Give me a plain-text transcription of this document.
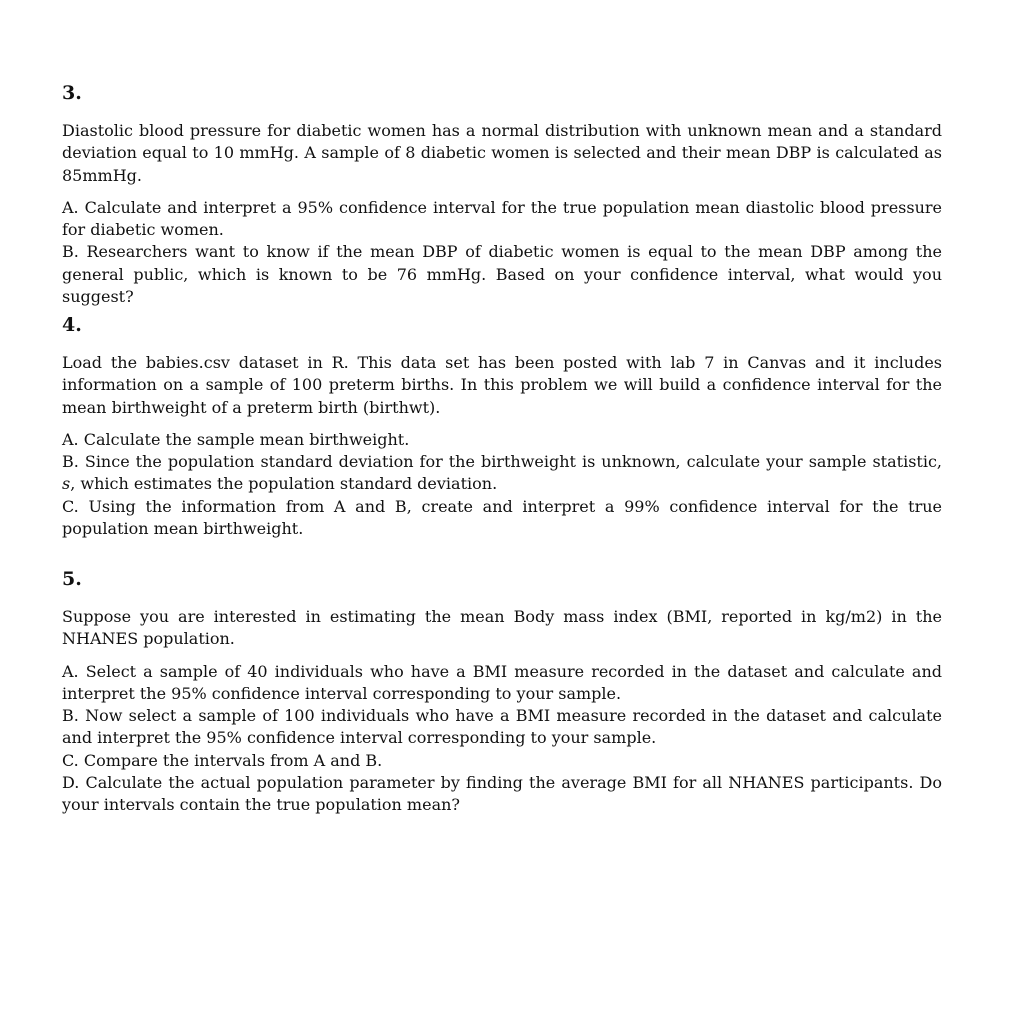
3.

Diastolic blood pressure for diabetic women has a normal distribution with unknown mean and a standard deviation equal to 10 mmHg. A sample of 8 diabetic women is selected and their mean DBP is calculated as 85mmHg.

A. Calculate and interpret a 95% confidence interval for the true population mean diastolic blood pressure for diabetic women.
B. Researchers want to know if the mean DBP of diabetic women is equal to the mean DBP among the general public, which is known to be 76 mmHg. Based on your confidence interval, what would you suggest?

4.

Load the babies.csv dataset in R. This data set has been posted with lab 7 in Canvas and it includes information on a sample of 100 preterm births. In this problem we will build a confidence interval for the mean birthweight of a preterm birth (birthwt).

A. Calculate the sample mean birthweight.
B. Since the population standard deviation for the birthweight is unknown, calculate your sample statistic, s, which estimates the population standard deviation.
C. Using the information from A and B, create and interpret a 99% confidence interval for the true population mean birthweight.

5.

Suppose you are interested in estimating the mean Body mass index (BMI, reported in kg/m2) in the NHANES population.

A. Select a sample of 40 individuals who have a BMI measure recorded in the dataset and calculate and interpret the 95% confidence interval corresponding to your sample.
B. Now select a sample of 100 individuals who have a BMI measure recorded in the dataset and calculate and interpret the 95% confidence interval corresponding to your sample.
C. Compare the intervals from A and B.
D. Calculate the actual population parameter by finding the average BMI for all NHANES participants. Do your intervals contain the true population mean?
